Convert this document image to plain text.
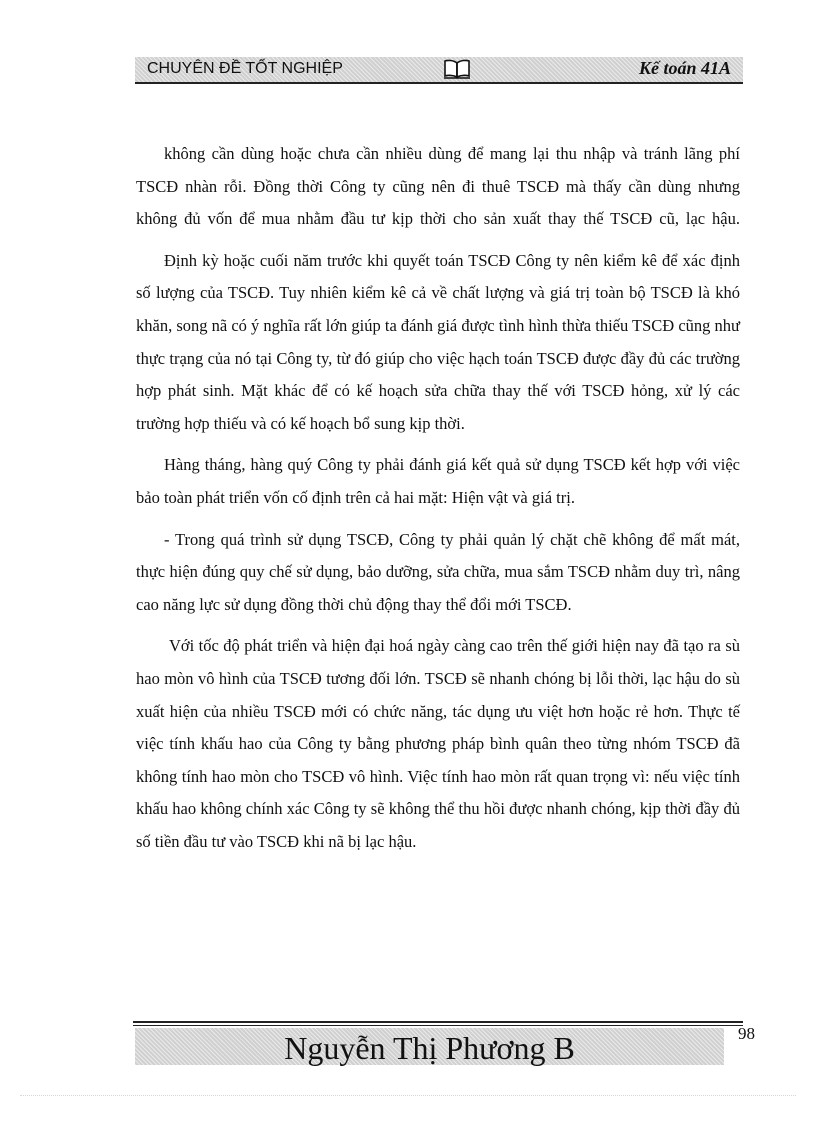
CHUYÊN ĐỀ TỐT NGHIỆP	Kế toán 41A

không cần dùng hoặc chưa cần nhiều dùng để mang lại thu nhập và tránh lãng phí TSCĐ nhàn rỗi. Đồng thời Công ty cũng nên đi thuê TSCĐ mà thấy cần dùng nhưng không đủ vốn để mua nhằm đầu tư kịp thời cho sản xuất thay thế TSCĐ cũ, lạc hậu.

Định kỳ hoặc cuối năm trước khi quyết toán TSCĐ Công ty nên kiểm kê để xác định số lượng của TSCĐ. Tuy nhiên kiểm kê cả về chất lượng và giá trị toàn bộ TSCĐ là khó khăn, song nã có ý nghĩa rất lớn giúp ta đánh giá được tình hình thừa thiếu TSCĐ cũng như thực trạng của nó tại Công ty, từ đó giúp cho việc hạch toán TSCĐ được đầy đủ các trường hợp phát sinh. Mặt khác để có kế hoạch sửa chữa thay thế với TSCĐ hỏng, xử lý các trường hợp thiếu và có kế hoạch bổ sung kịp thời.

Hàng tháng, hàng quý Công ty phải đánh giá kết quả sử dụng TSCĐ kết hợp với việc bảo toàn phát triển vốn cố định trên cả hai mặt: Hiện vật và giá trị.

- Trong quá trình sử dụng TSCĐ, Công ty phải quản lý chặt chẽ không để mất mát, thực hiện đúng quy chế sử dụng, bảo dưỡng, sửa chữa, mua sắm TSCĐ nhằm duy trì, nâng cao năng lực sử dụng đồng thời chủ động thay thể đổi mới TSCĐ.

Với tốc độ phát triển và hiện đại hoá ngày càng cao trên thế giới hiện nay đã tạo ra sù hao mòn vô hình của TSCĐ tương đối lớn. TSCĐ sẽ nhanh chóng bị lỗi thời, lạc hậu do sù xuất hiện của nhiều TSCĐ mới có chức năng, tác dụng ưu việt hơn hoặc rẻ hơn. Thực tế việc tính khấu hao của Công ty bằng phương pháp bình quân theo từng nhóm TSCĐ đã không tính hao mòn cho TSCĐ vô hình. Việc tính hao mòn rất quan trọng vì: nếu việc tính khấu hao không chính xác Công ty sẽ không thể thu hồi được nhanh chóng, kịp thời đầy đủ số tiền đầu tư vào TSCĐ khi nã bị lạc hậu.

Nguyễn Thị Phương B	98
